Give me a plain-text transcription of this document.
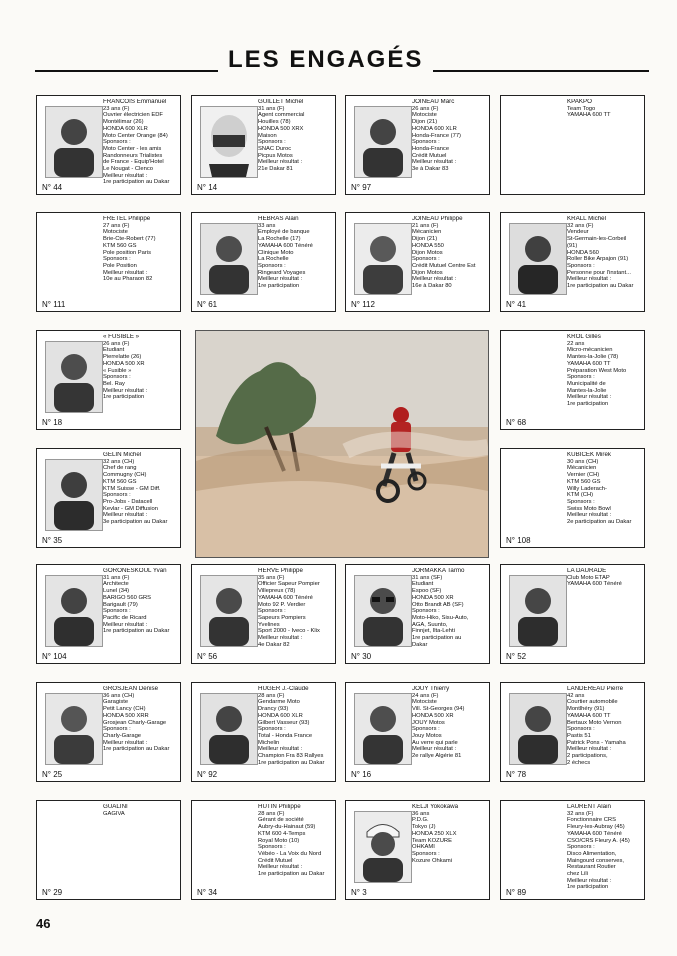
LES ENGAGÉS
FRANCOIS Emmanuel
23 ans (F)
Ouvrier électricien EDF
Montélimar (26)
HONDA 600 XLR
Moto Center Orange (84)
Sponsors :
Moto Center - les amis
Randonneurs Trialistes
de France - Equip'Hotel
Le Nougat - Clenco
Meilleur résultat :
1re participation au Dakar
N° 44
GUILLET Michel
31 ans (F)
Agent commercial
Houilles (78)
HONDA 500 XRX
Maison
Sponsors :
SNAC Duroc
Picpus Motos
Meilleur résultat :
21e Dakar 81
N° 14
JOINEAU Marc
26 ans (F)
Motociste
Dijon (21)
HONDA 600 XLR
Honda-France (77)
Sponsors :
Honda-France
Crédit Mutuel
Meilleur résultat :
3e à Dakar 83
N° 97
KPAKPO
Team Togo
YAMAHA 600 TT
FRETEL Philippe
27 ans (F)
Motociste
Brie-Cte-Robert (77)
KTM 560 GS
Pole position Paris
Sponsors :
Pole Position
Meilleur résultat :
10e au Pharaon 82
N° 111
HEBRAS Alain
33 ans
Employé de banque
La Rochelle (17)
YAMAHA 600 Ténéré
Clinique Moto
La Rochelle
Sponsors :
Ringeard Voyages
Meilleur résultat :
1re participation
N° 61
JOINEAU Philippe
21 ans (F)
Mécanicien
Dijon (21)
HONDA 550
Dijon Motos
Sponsors :
Crédit Mutuel Centre Est
Dijon Motos
Meilleur résultat :
16e à Dakar 80
N° 112
KRALL Michel
32 ans (F)
Vendeur
St-Germain-les-Corbeil
(91)
HONDA 560
Roller Bike Arpajon (91)
Sponsors :
Personne pour l'instant...
Meilleur résultat :
1re participation au Dakar
N° 41
« FUSIBLE »
26 ans (F)
Etudiant
Pierrelatte (26)
HONDA 500 XR
« Fusible »
Sponsors :
Bel. Ray
Meilleur résultat :
1re participation
N° 18
KROL Gilles
22 ans
Micro-mécanicien
Mantes-la-Jolie (78)
YAMAHA 600 TT
Préparation West Moto
Sponsors :
Municipalité de
Mantes-la-Jolie
Meilleur résultat :
1re participation
N° 68
GELIN Michel
32 ans (CH)
Chef de rang
Commugny (CH)
KTM 560 GS
KTM Suisse - GM Diff.
Sponsors :
Pro-Jobs - Datacell
Kevlar - GM Diffusion
Meilleur résultat :
3e participation au Dakar
N° 35
KUBICEK Mirek
30 ans (CH)
Mécanicien
Vernier (CH)
KTM 560 GS
Willy Laderach-
KTM (CH)
Sponsors :
Swiss Moto Bowl
Meilleur résultat :
2e participation au Dakar
N° 108
GORONESKOUL Yvan
31 ans (F)
Architecte
Lunel (34)
BARIGO 560 GRS
Barigault (79)
Sponsors :
Pacific de Ricard
Meilleur résultat :
1re participation au Dakar
N° 104
HERVE Philippe
35 ans (F)
Officier Sapeur Pompier
Villepreux (78)
YAMAHA 600 Ténéré
Moto 92 P. Verdier
Sponsors :
Sapeurs Pompiers
Yvelines
Sport 2000 - Iveco - Klix
Meilleur résultat :
4e Dakar 82
N° 56
JORMAKKA Tarmo
31 ans (SF)
Etudiant
Espoo (SF)
HONDA 500 XR
Otto Brandt AB (SF)
Sponsors :
Moto-Hiko, Sisu-Auto,
AGA, Suunto,
Finnjet, Ilta-Lehti
1re participation au
Dakar
N° 30
LA DAURADE
Club Moto ETAP
YAMAHA 600 Ténéré
N° 52
GROSJEAN Denise
36 ans (CH)
Garagiste
Petit Lancy (CH)
HONDA 500 XRR
Grosjean Charly-Garage
Sponsors :
Charly-Garage
Meilleur résultat :
1re participation au Dakar
N° 25
HUGER J.-Claude
28 ans (F)
Gendarme Moto
Drancy (93)
HONDA 600 XLR
Gilbert Vasseur (93)
Sponsors :
Total - Honda France
Michelin
Meilleur résultat :
Champion Fra 83 Rallyes
1re participation au Dakar
N° 92
JOUY Thierry
24 ans (F)
Motociste
Vill. St-Georges (94)
HONDA 500 XR
JOUY Motos
Sponsors :
Jouy Motos
Au verre qui parle
Meilleur résultat :
2e rallye Algérie 81
N° 16
LANDEREAU Pierre
42 ans
Courtier automobile
Montlhéry (91)
YAMAHA 600 TT
Bertaux Moto Vernon
Sponsors :
Pastis 51
Patrick Pons - Yamaha
Meilleur résultat :
2 participations,
2 échecs
N° 78
GUALINI
GAGIVA
N° 29
HUTIN Philippe
28 ans (F)
Gérant de société
Aubry-du-Hainaut (59)
KTM 600 4-Temps
Royal Moto (10)
Sponsors :
Vébéo - La Voix du Nord
Crédit Mutuel
Meilleur résultat :
1re participation au Dakar
N° 34
KELJI Yokokawa
36 ans
P.D.G.
Tokyo (J)
HONDA 250 XLX
Team KOZURE
OHKAMI
Sponsors :
Kozure Ohkami
N° 3
LAURENT Alain
32 ans (F)
Fonctionnaire CRS
Fleury-les-Aubray (45)
YAMAHA 600 Ténéré
CSO/CRS Fleury A. (45)
Sponsors :
Disco Alimentation,
Maingourd conserves,
Restaurant Routier
chez Lili
Meilleur résultat :
1re participation
N° 89
46
